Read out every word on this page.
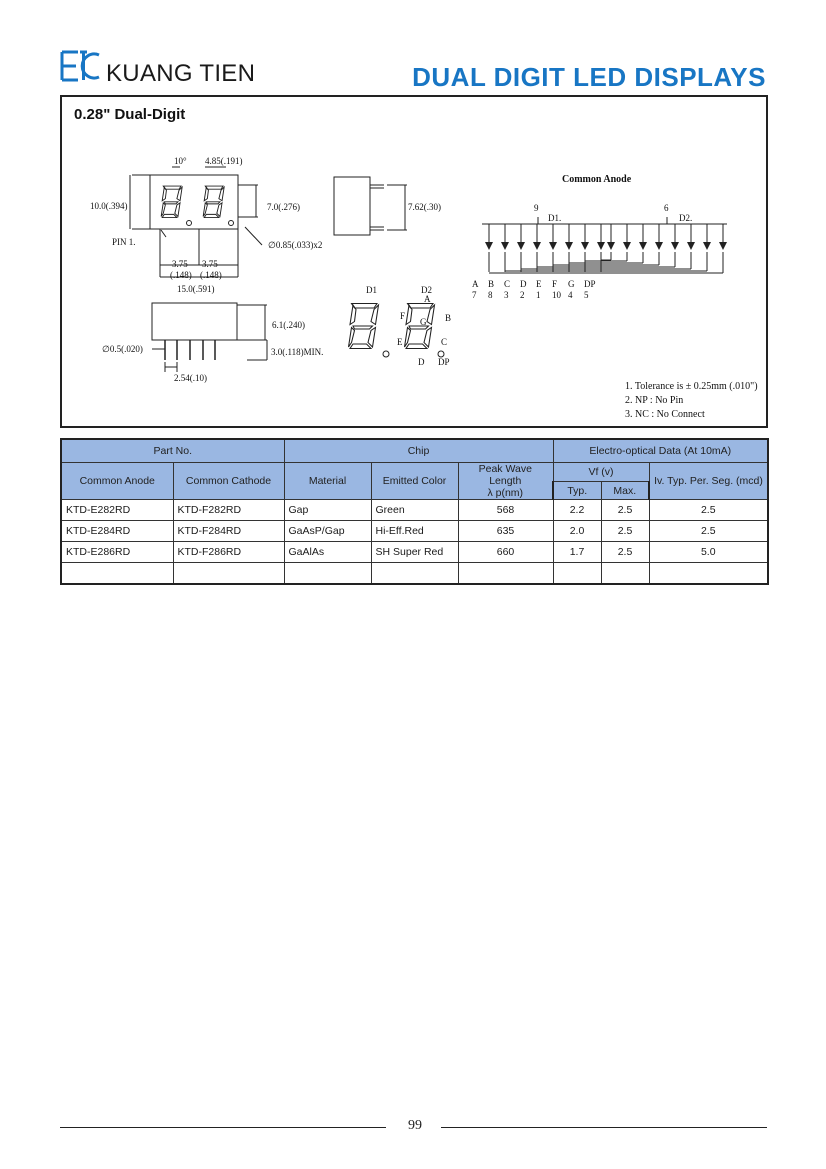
KUANG TIEN	DUAL DIGIT LED DISPLAYS
0.28" Dual-Digit
10° 4.85(.191)
10.0(.394)	7.0(.276)
PIN 1.	∅0.85(.033)x2
3.75 3.75
(.148) (.148)
15.0(.591)
7.62(.30)
6.1(.240)
∅0.5(.020)	3.0(.118)MIN.
2.54(.10)
D1	D2
A
B
C
D
E
F
G
DP
Common Anode
9	6
D1.	D2.
A B C D E F G DP
7 8 3 2 1 10 4 5
1. Tolerance is ± 0.25mm (.010")
2. NP : No Pin
3. NC : No Connect
Part No.		Chip			Electro-optical Data (At 10mA)		
Common Anode	Common Cathode	Material	Emitted Color	Peak Wave Length
λ p(nm)	Vf (v)		Iv. Typ. Per. Seg. (mcd)
					Typ.	Max.	
KTD-E282RD	KTD-F282RD	Gap	Green	568	2.2	2.5	2.5
KTD-E284RD	KTD-F284RD	GaAsP/Gap	Hi-Eff.Red	635	2.0	2.5	2.5
KTD-E286RD	KTD-F286RD	GaAlAs	SH Super Red	660	1.7	2.5	5.0

99
